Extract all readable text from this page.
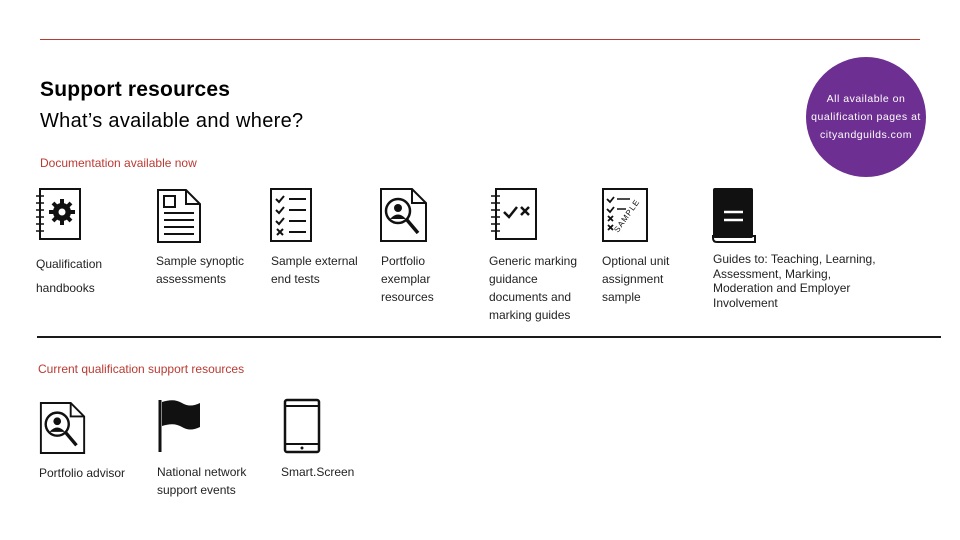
Support resources
What’s available and where?
All available on
qualification pages at
cityandguilds.com
Documentation available now
SAMPLE
Qualification
handbooks
Sample synoptic
assessments
Sample external
end tests
Portfolio
exemplar
resources
Generic marking
guidance
documents and
marking guides
Optional unit
assignment
sample
Guides to: Teaching, Learning,
Assessment, Marking,
Moderation and Employer
Involvement
Current qualification support resources
Portfolio advisor	National network
support events
Smart.Screen
